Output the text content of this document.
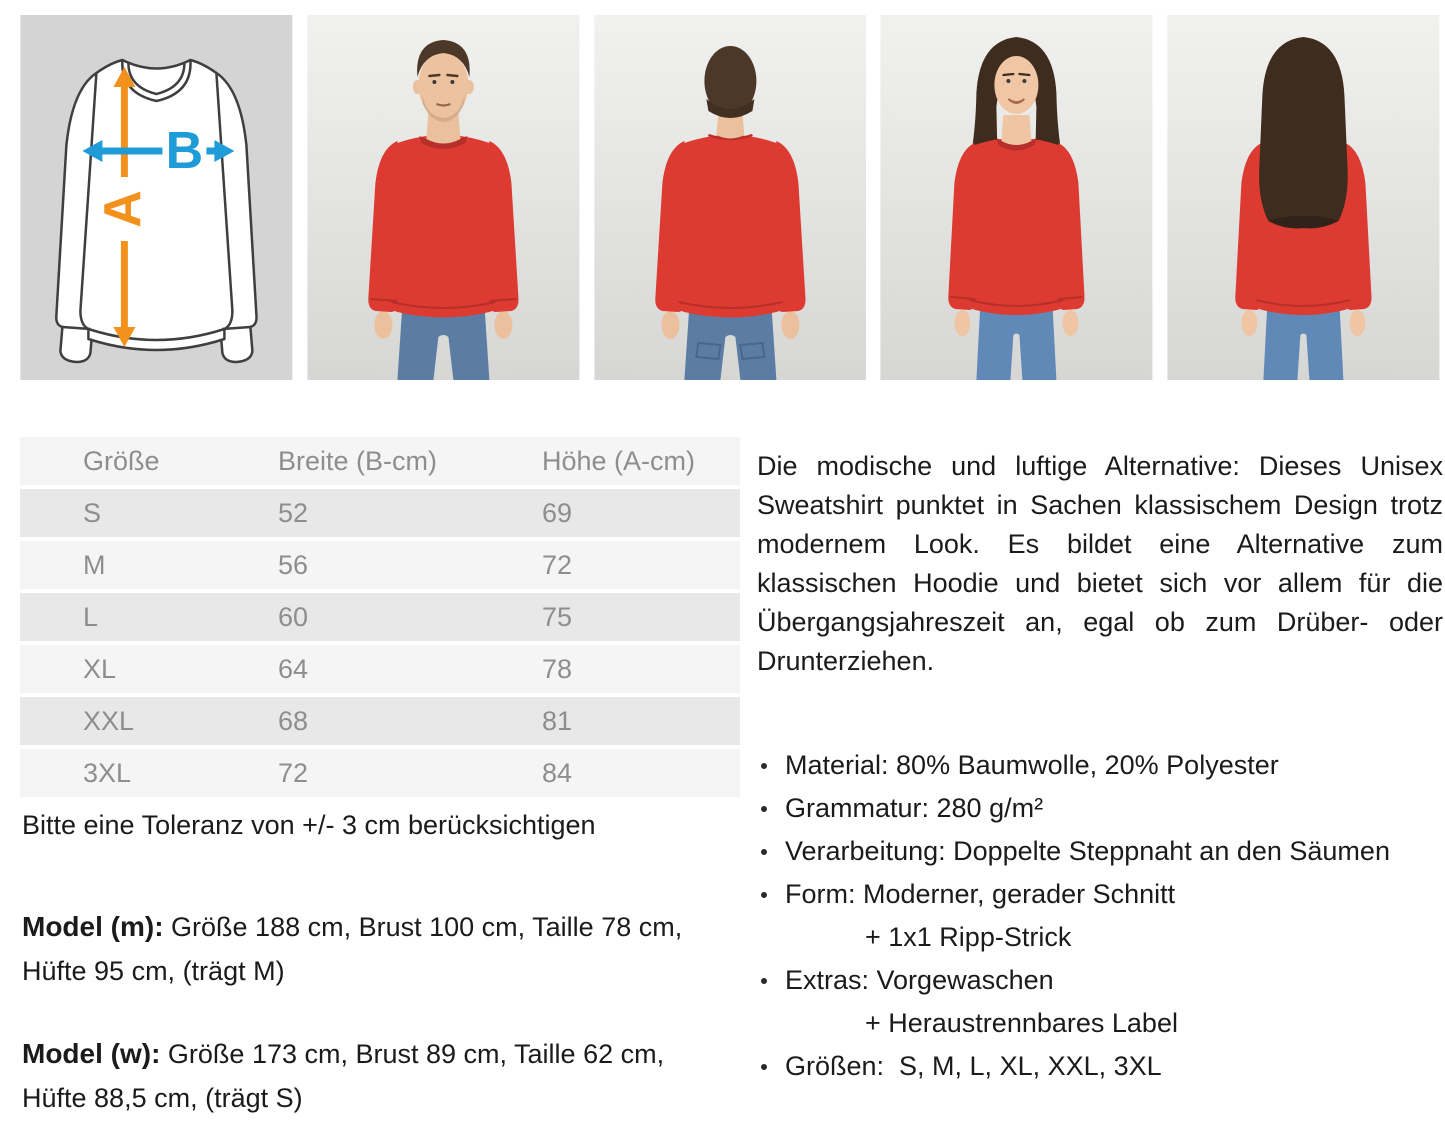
A
B
Größe	Breite (B-cm)	Höhe (A-cm)
S	52	69
M	56	72
L	60	75
XL	64	78
XXL	68	81
3XL	72	84
Bitte eine Toleranz von +/- 3 cm berücksichtigen
Model (m): Größe 188 cm, Brust 100 cm, Taille 78 cm, Hüfte 95 cm, (trägt M)
Model (w): Größe 173 cm, Brust 89 cm, Taille 62 cm, Hüfte 88,5 cm, (trägt S)
Die modische und luftige Alternative: Dieses Unisex Sweatshirt punktet in Sachen klassischem Design trotz modernem Look. Es bildet eine Alternative zum klassischen Hoodie und bietet sich vor allem für die Übergangsjahreszeit an, egal ob zum Drüber- oder Drunterziehen.
Material: 80% Baumwolle, 20% Polyester
Grammatur: 280 g/m²
Verarbeitung: Doppelte Steppnaht an den Säumen
Form: Moderner, gerader Schnitt
+ 1x1 Ripp-Strick
Extras: Vorgewaschen
+ Heraustrennbares Label
Größen:  S, M, L, XL, XXL, 3XL
